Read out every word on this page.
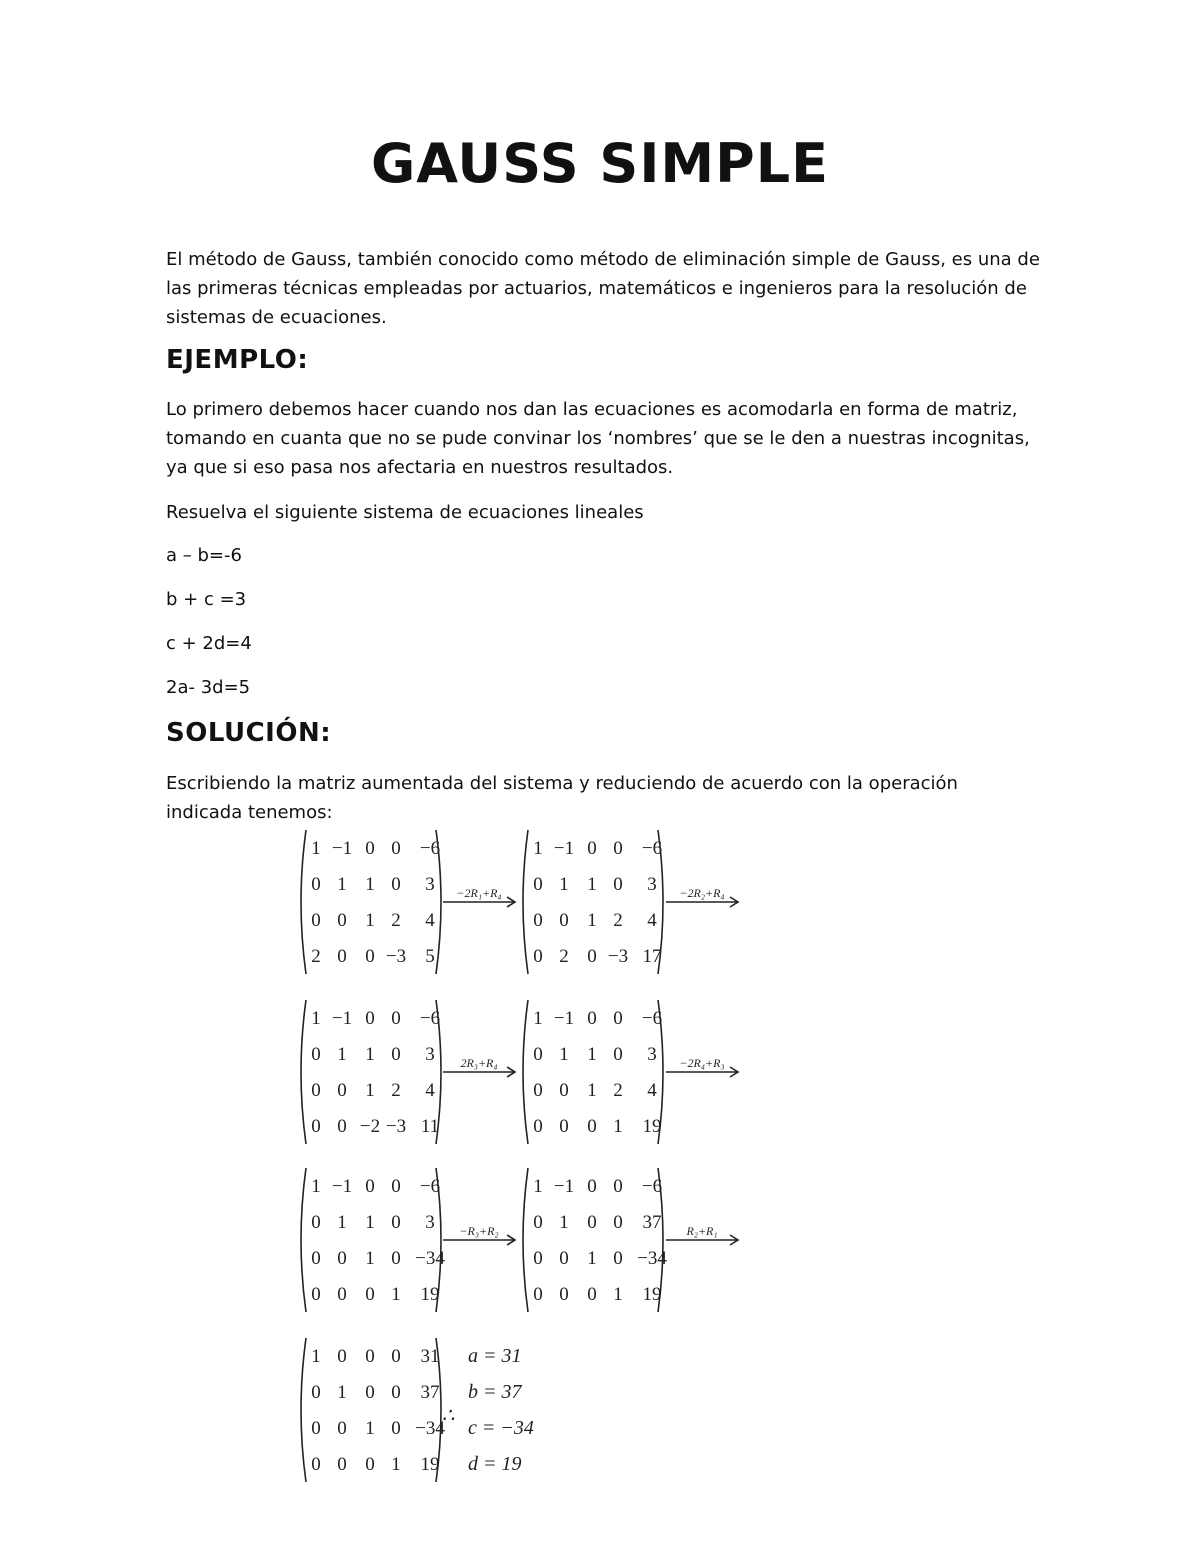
GAUSS SIMPLE
El método de Gauss, también conocido como método de eliminación simple de Gauss, es una de las primeras técnicas empleadas por actuarios, matemáticos e ingenieros para la resolución de sistemas de ecuaciones.
EJEMPLO:
Lo primero debemos hacer cuando nos dan las ecuaciones es acomodarla en forma de matriz, tomando en cuanta que no se pude convinar los ‘nombres’ que se le den a nuestras incognitas, ya que si eso pasa nos afectaria en nuestros resultados.
Resuelva el siguiente sistema de ecuaciones lineales
a – b=-6
b + c =3
c + 2d=4
2a- 3d=5
SOLUCIÓN:
Escribiendo la matriz aumentada del sistema y reduciendo de acuerdo con la operación indicada tenemos:
1 −1 0 0 −6
0 1 1 0 3
0 0 1 2 4
2 0 0 −3 5
−2R₁+R₄
1 −1 0 0 −6
0 1 1 0 3
0 0 1 2 4
0 2 0 −3 17
−2R₂+R₄
1 −1 0 0 −6
0 1 1 0 3
0 0 1 2 4
0 0 −2 −3 11
2R₃+R₄
1 −1 0 0 −6
0 1 1 0 3
0 0 1 2 4
0 0 0 1 19
−2R₄+R₃
1 −1 0 0 −6
0 1 1 0 3
0 0 1 0 −34
0 0 0 1 19
−R₃+R₂
1 −1 0 0 −6
0 1 0 0 37
0 0 1 0 −34
0 0 0 1 19
R₂+R₁
1 0 0 0 31
0 1 0 0 37
0 0 1 0 −34
0 0 0 1 19
∴
a = 31
b = 37
c = −34
d = 19
